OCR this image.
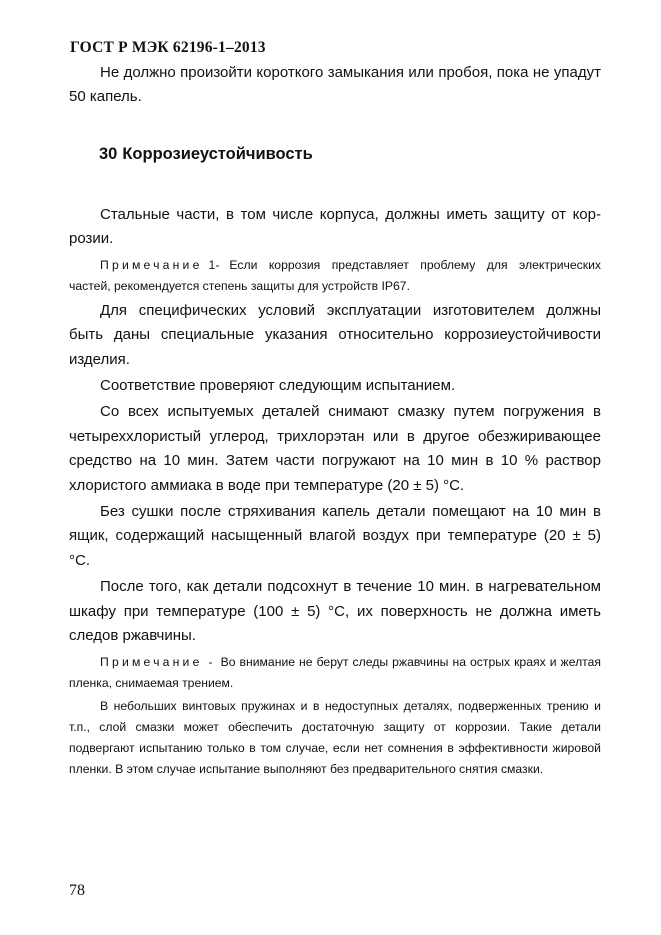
ГОСТ Р МЭК 62196-1–2013

Не должно произойти короткого замыкания или пробоя, пока не упадут 50 капель.

30 Коррозиеустойчивость

Стальные части, в том числе корпуса, должны иметь защиту от коррозии.

Примечание 1- Если коррозия представляет проблему для электрических частей, рекомендуется степень защиты для устройств IP67.

Для специфических условий эксплуатации изготовителем должны быть даны специальные указания относительно коррозиеустойчивости изделия.

Соответствие проверяют следующим испытанием.

Со всех испытуемых деталей снимают смазку путем погружения в четыреххлористый углерод, трихлорэтан или в другое обезжиривающее средство на 10 мин. Затем части погружают на 10 мин в 10 % раствор хлористого аммиака в воде при температуре (20 ± 5) °С.

Без сушки после стряхивания капель детали помещают на 10 мин в ящик, содержащий насыщенный влагой воздух при температуре (20 ± 5) °С.

После того, как детали подсохнут в течение 10 мин. в нагревательном шкафу при температуре (100 ± 5) °С, их поверхность не должна иметь следов ржавчины.

Примечание - Во внимание не берут следы ржавчины на острых краях и желтая пленка, снимаемая трением.

В небольших винтовых пружинах и в недоступных деталях, подверженных трению и т.п., слой смазки может обеспечить достаточную защиту от коррозии. Такие детали подвергают испытанию только в том случае, если нет сомнения в эффективности жировой пленки. В этом случае испытание выполняют без предварительного снятия смазки.

78
